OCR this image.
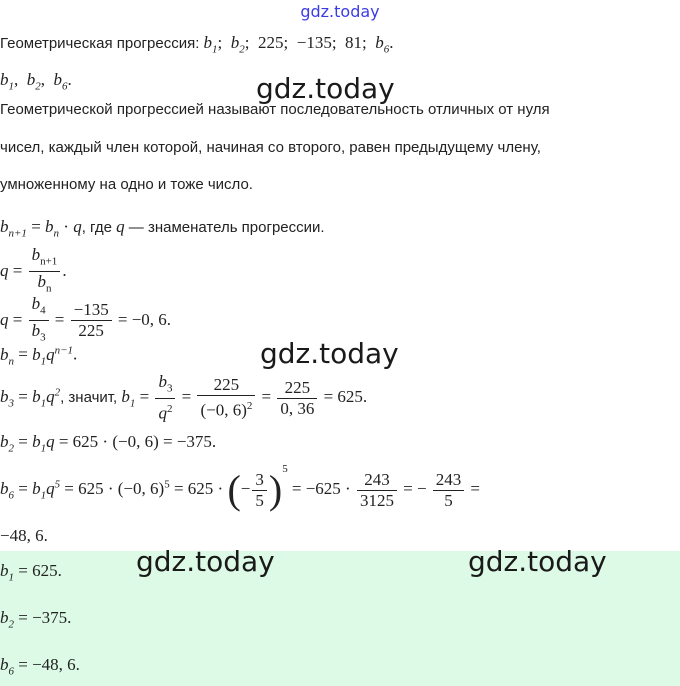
gdz.today
Геометрическая прогрессия: $b_1$;  $b_2$;  225;  −135;  81;  $b_6$.
$b_1$,  $b_2$,  $b_6$.	gdz.today
Геометрической прогрессией называют последовательность отличных от нуля
чисел, каждый член которой, начиная со второго, равен предыдущему члену,
умноженному на одно и тоже число.
$b_{n+1} = b_n \cdot q$, где q — знаменатель прогрессии.
$q = \frac{b_{n+1}}{b_n}$ .
$q = \frac{b_4}{b_3} = \frac{-135}{225} = -0$, 6.
$b_n = b_1q^{n-1}$.	gdz.today
$b_3 = b_1q^2$, значит, $b_1 = \frac{b_3}{q^2} = \frac{225}{(-0, 6)^2} = \frac{225}{0, 36} = 625$.
$b_2 = b_1q = 625 \cdot (-0$, 6) = −375.
$b_6 = b_1q^5 = 625 \cdot (-0$, 6)$^5$ = 625 · (− $\frac{3}{5} )^5 = -625 \cdot \frac{243}{3125}$ = − $\frac{243}{5}$ =
−48, 6.
$b_1 = 625$.	gdz.today	gdz.today
$b_2 = -375$.
$b_6 = -48$, 6.
